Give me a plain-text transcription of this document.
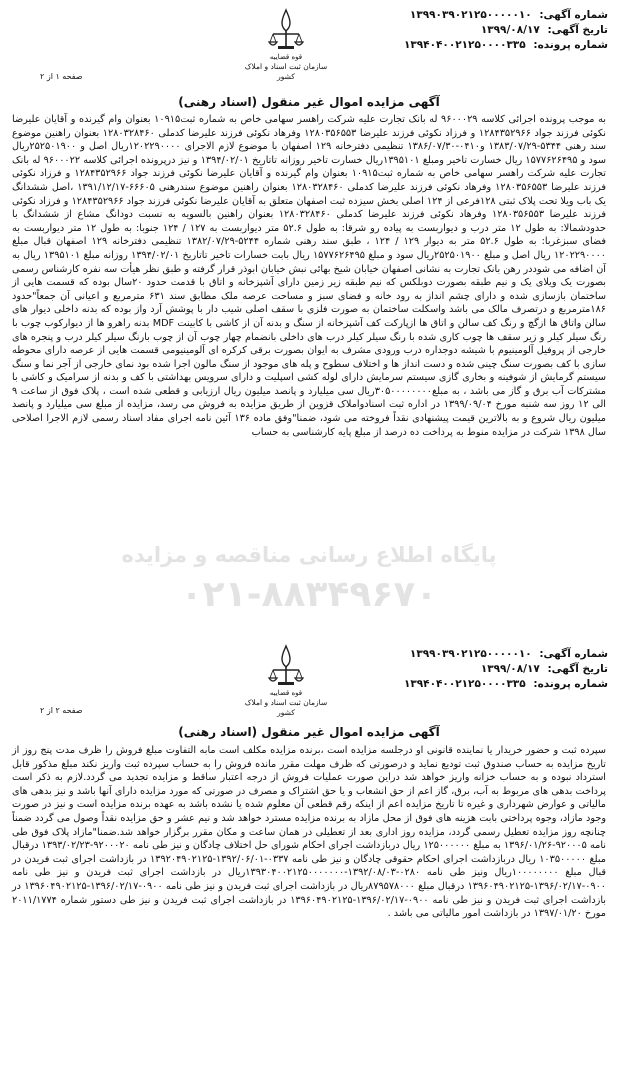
شماره آگهی: ۱۳۹۹۰۳۹۰۲۱۲۵۰۰۰۰۰۱۰
تاریخ آگهی: ۱۳۹۹/۰۸/۱۷
شماره پرونده: ۱۳۹۴۰۴۰۰۲۱۲۵۰۰۰۰۳۳۵
قوه قضاییه
سازمان ثبت اسناد و املاک کشور
صفحه ۱ از ۲
آگهی مزایده اموال غیر منقول (اسناد رهنی)
به موجب پرونده اجرائی کلاسه ۹۶۰۰۰۲۹ له بانک تجارت علیه شرکت راهسر سهامی خاص به شماره ثبت۱۰۹۱۵ بعنوان وام گیرنده و آقایان علیرضا نکوئی فرزند جواد ۱۲۸۴۳۵۲۹۶۶ و فرزاد نکوئی فرزند علیرضا ۱۲۸۰۳۵۶۵۵۳ وفرهاد نکوئی فرزند علیرضا کدملی ۱۲۸۰۳۲۸۴۶۰ بعنوان راهنین موضوع سند رهنی ۵۳۴۴-۱۳۸۳/۰۷/۲۹ و۰۴۱۰-۱۳۸۶/۰۷/۳۰ تنظیمی دفترخانه ۱۲۹ اصفهان با موضوع لازم الاجرای ۱۲۰۲۲۹۰۰۰۰ریال اصل و ۲۵۲۵۰۱۹۰۰ریال سود و ۱۵۷۷۶۲۶۴۹۵ ریال خسارت تاخیر ومبلغ ۱۳۹۵۱۰۱ریال خسارت تاخیر روزانه تاتاریخ ۱۳۹۴/۰۲/۰۱ و نیز درپرونده اجرائی کلاسه ۹۶۰۰۰۲۲ له بانک تجارت علیه شرکت راهسر سهامی خاص به شماره ثبت۱۰۹۱۵ بعنوان وام گیرنده و آقایان علیرضا نکوئی فرزند جواد ۱۲۸۴۳۵۲۹۶۶ و فرزاد نکوئی فرزند علیرضا ۱۲۸۰۳۵۶۵۵۳ وفرهاد نکوئی فرزند علیرضا کدملی ۱۲۸۰۳۲۸۴۶۰ بعنوان راهنین موضوع سندرهنی ۶۶۶۰۵-۱۳۹۱/۱۲/۱۷ ،اصل ششدانگ یک باب ویلا تحت پلاک ثبتی ۱۲۸فرعی از ۱۲۴ اصلی بخش سیزده ثبت اصفهان متعلق به آقایان علیرضا نکوئی فرزند جواد ۱۲۸۴۳۵۲۹۶۶ و فرزاد نکوئی فرزند علیرضا ۱۲۸۰۳۵۶۵۵۳ وفرهاد نکوئی فرزند علیرضا کدملی ۱۲۸۰۳۲۸۴۶۰ بعنوان راهنین بالسویه به نسبت دودانگ مشاع از ششدانگ با حدودشمالا: به طول ۱۲ متر درب و دیواربست به پیاده رو شرقا: به طول ۵۲.۶ متر دیواربست به ۱۲۷ / ۱۲۴ جنوبا: به طول ۱۲ متر دیواربست به فضای سبزغربا: به طول ۵۲.۶ متر به دیوار ۱۲۹ / ۱۲۴ ، طبق سند رهنی شماره ۵۲۴۴-۱۳۸۲/۰۷/۲۹ تنظیمی دفترخانه ۱۲۹ اصفهان قبال مبلغ ۱۲۰۲۲۹۰۰۰۰ ریال اصل و مبلغ ۲۵۲۵۰۱۹۰۰ریال سود و مبلغ ۱۵۷۷۶۲۶۴۹۵ ریال بابت خسارات تاخیر تاتاریخ ۱۳۹۴/۰۲/۰۱ روزانه مبلغ ۱۳۹۵۱۰۱ ریال به آن اضافه می شوددر رهن بانک تجارت به نشانی اصفهان خیابان شیخ بهائی نبش خیابان ابوذر قرار گرفته و طبق نظر هیأت سه نفره کارشناس رسمی بصورت یک ویلای یک و نیم طبقه بصورت دوبلکس که نیم طبقه زیر زمین دارای آشپزخانه و اتاق با قدمت حدود ۲۰سال بوده که قسمت هایی از ساختمان بازسازی شده و دارای چشم انداز به رود خانه و فضای سبز و مساحت عرصه ملک مطابق سند ۶۳۱ مترمربع و اعیانی آن جمعاً"حدود ۱۸۶مترمربع و درتصرف مالک می باشد واسکلت ساختمان به صورت فلزی با سقف اصلی شیب دار با پوشش آرد واز بوده که بدنه داخلی دیوار های سالن واتاق ها ازگچ و رنگ کف سالن و اتاق ها ازپارکت کف آشپزخانه از سنگ و بدنه آن از کاشی با کابینت MDF بدنه راهرو ها از دیوارکوب چوب با رنگ سیلر کیلر و زیر سقف ها چوب کاری شده با رنگ سیلر کیلر درب های داخلی بانضمام چهار چوب آن از چوب بارنگ سیلر کیلر درب و پنجره های خارجی از پروفیل آلومینیوم با شیشه دوجداره درب ورودی مشرف به ایوان بصورت برقی کرکره ای آلومینیومی قسمت هایی از عرصه دارای محوطه سازی با کف بصورت سنگ چینی شده و دست انداز ها و اختلاف سطوح و پله های موجود از سنگ مالون اجرا شده بود نمای خارجی از آجر نما و سنگ سیستم گرمایش از شوفینه و بخاری گازی سیستم سرمایش دارای لوله کشی اسپلیت و دارای سرویس بهداشتی با کف و بدنه از سرامیک و کاشی با مشترکات آب برق و گاز می باشد ، به مبلغ۳۰۵۰۰۰۰۰۰۰۰ریال سی میلیارد و پانصد میلیون ریال ارزیابی و قطعی شده است ، پلاک فوق از ساعت ۹ الی ۱۲ روز سه شنبه مورخ ۱۳۹۹/۰۹/۰۴ در اداره ثبت اسنادواملاک قزوین از طریق مزایده به فروش می رسد، مزایده از مبلغ سی میلیارد و پانصد میلیون ریال شروع و به بالاترین قیمت پیشنهادی نقداً فروخته می شود، ضمنا"وفق ماده ۱۳۶ آئین نامه اجرای مفاد اسناد رسمی لازم الاجرا اصلاحی سال ۱۳۹۸ شرکت در مزایده منوط به پرداخت ده درصد از مبلغ پایه کارشناسی به حساب
پایگاه اطلاع رسانی مناقصه و مزایده
۰۲۱-۸۸۳۴۹۶۷۰
شماره آگهی: ۱۳۹۹۰۳۹۰۲۱۲۵۰۰۰۰۰۱۰
تاریخ آگهی: ۱۳۹۹/۰۸/۱۷
شماره پرونده: ۱۳۹۴۰۴۰۰۲۱۲۵۰۰۰۰۳۳۵
قوه قضاییه
سازمان ثبت اسناد و املاک کشور
صفحه ۲ از ۲
آگهی مزایده اموال غیر منقول (اسناد رهنی)
سپرده ثبت و حضور خریدار یا نماینده قانونی او درجلسه مزایده است ،برنده مزایده مکلف است مابه التفاوت مبلغ فروش را ظرف مدت پنج روز از تاریخ مزایده به حساب صندوق ثبت تودیع نماید و درصورتی که ظرف مهلت مقرر مانده فروش را به حساب سپرده ثبت واریز نکند مبلغ مذکور قابل استرداد نبوده و به حساب خزانه واریز خواهد شد دراین صورت عملیات فروش از درجه اعتبار ساقط و مزایده تجدید می گردد.لازم به ذکر است پرداخت بدهی های مربوط به آب، برق، گاز اعم از حق انشعاب و یا حق اشتراک و مصرف در صورتی که مورد مزایده دارای آنها باشد و نیز بدهی های مالیاتی و عوارض شهرداری و غیره تا تاریخ مزایده اعم از اینکه رقم قطعی آن معلوم شده یا نشده باشد به عهده برنده مزایده است و نیز در صورت وجود مازاد، وجوه پرداختی بابت هزینه های فوق از محل مازاد به برنده مزایده مسترد خواهد شد و نیم عشر و حق مزایده نقداً وصول می گردد ضمناً چنانچه روز مزایده تعطیل رسمی گردد، مزایده روز اداری بعد از تعطیلی در همان ساعت و مکان مقرر برگزار خواهد شد.ضمنا"مازاد پلاک فوق طی نامه ۹۲۰۰۰۵-۱۳۹۶/۰۱/۲۶ به مبلغ ۱۲۵۰۰۰۰۰۰ ریال دربازداشت اجرای احکام شورای حل اختلاف چادگان و نیز طی نامه ۹۲۰۰۰۲۰-۱۳۹۳/۰۲/۲۳ درقبال مبلغ ۱۰۳۵۰۰۰۰۰ ریال دربازداشت اجرای احکام حقوقی چادگان و نیز طی نامه ۰۳۳۷-۱۳۹۲/۰۶/۰۱-۱۳۹۲۰۴۹۰۲۱۲۵ در بازداشت اجرای ثبت فریدن در قبال مبلغ ۱۰۰۰۰۰۰۰۰ریال ونیز طی نامه ۰۲۸۰-۱۳۹۲/۰۸/۰۳-۱۳۹۳۰۴۰۰۲۱۲۵۰۰۰۰۰۰۰ریال در بازداشت اجرای ثبت فریدن و نیز طی نامه ۰۹۰۰-۱۳۹۶/۰۲/۱۷-۱۳۹۶۰۴۹۰۲۱۲۵ درقبال مبلغ ۸۷۹۵۷۸۰۰۰ریال در بازداشت اجرای ثبت فریدن و نیز طی نامه ۰۹۰۰-۱۳۹۶/۰۲/۱۷-۱۳۹۶۰۴۹۰۲۱۲۵ در بازداشت اجرای ثبت فریدن و نیز طی نامه ۰۹۰۰-۱۳۹۶/۰۲/۱۷-۱۳۹۶۰۴۹۰۲۱۲۵ در بازداشت اجرای ثبت فریدن و نیز طی دستور شماره ۲۰۱۱/۱۷۷۴ مورخ ۱۳۹۷/۰۱/۲۰ در بازداشت امور مالیاتی می باشد .
